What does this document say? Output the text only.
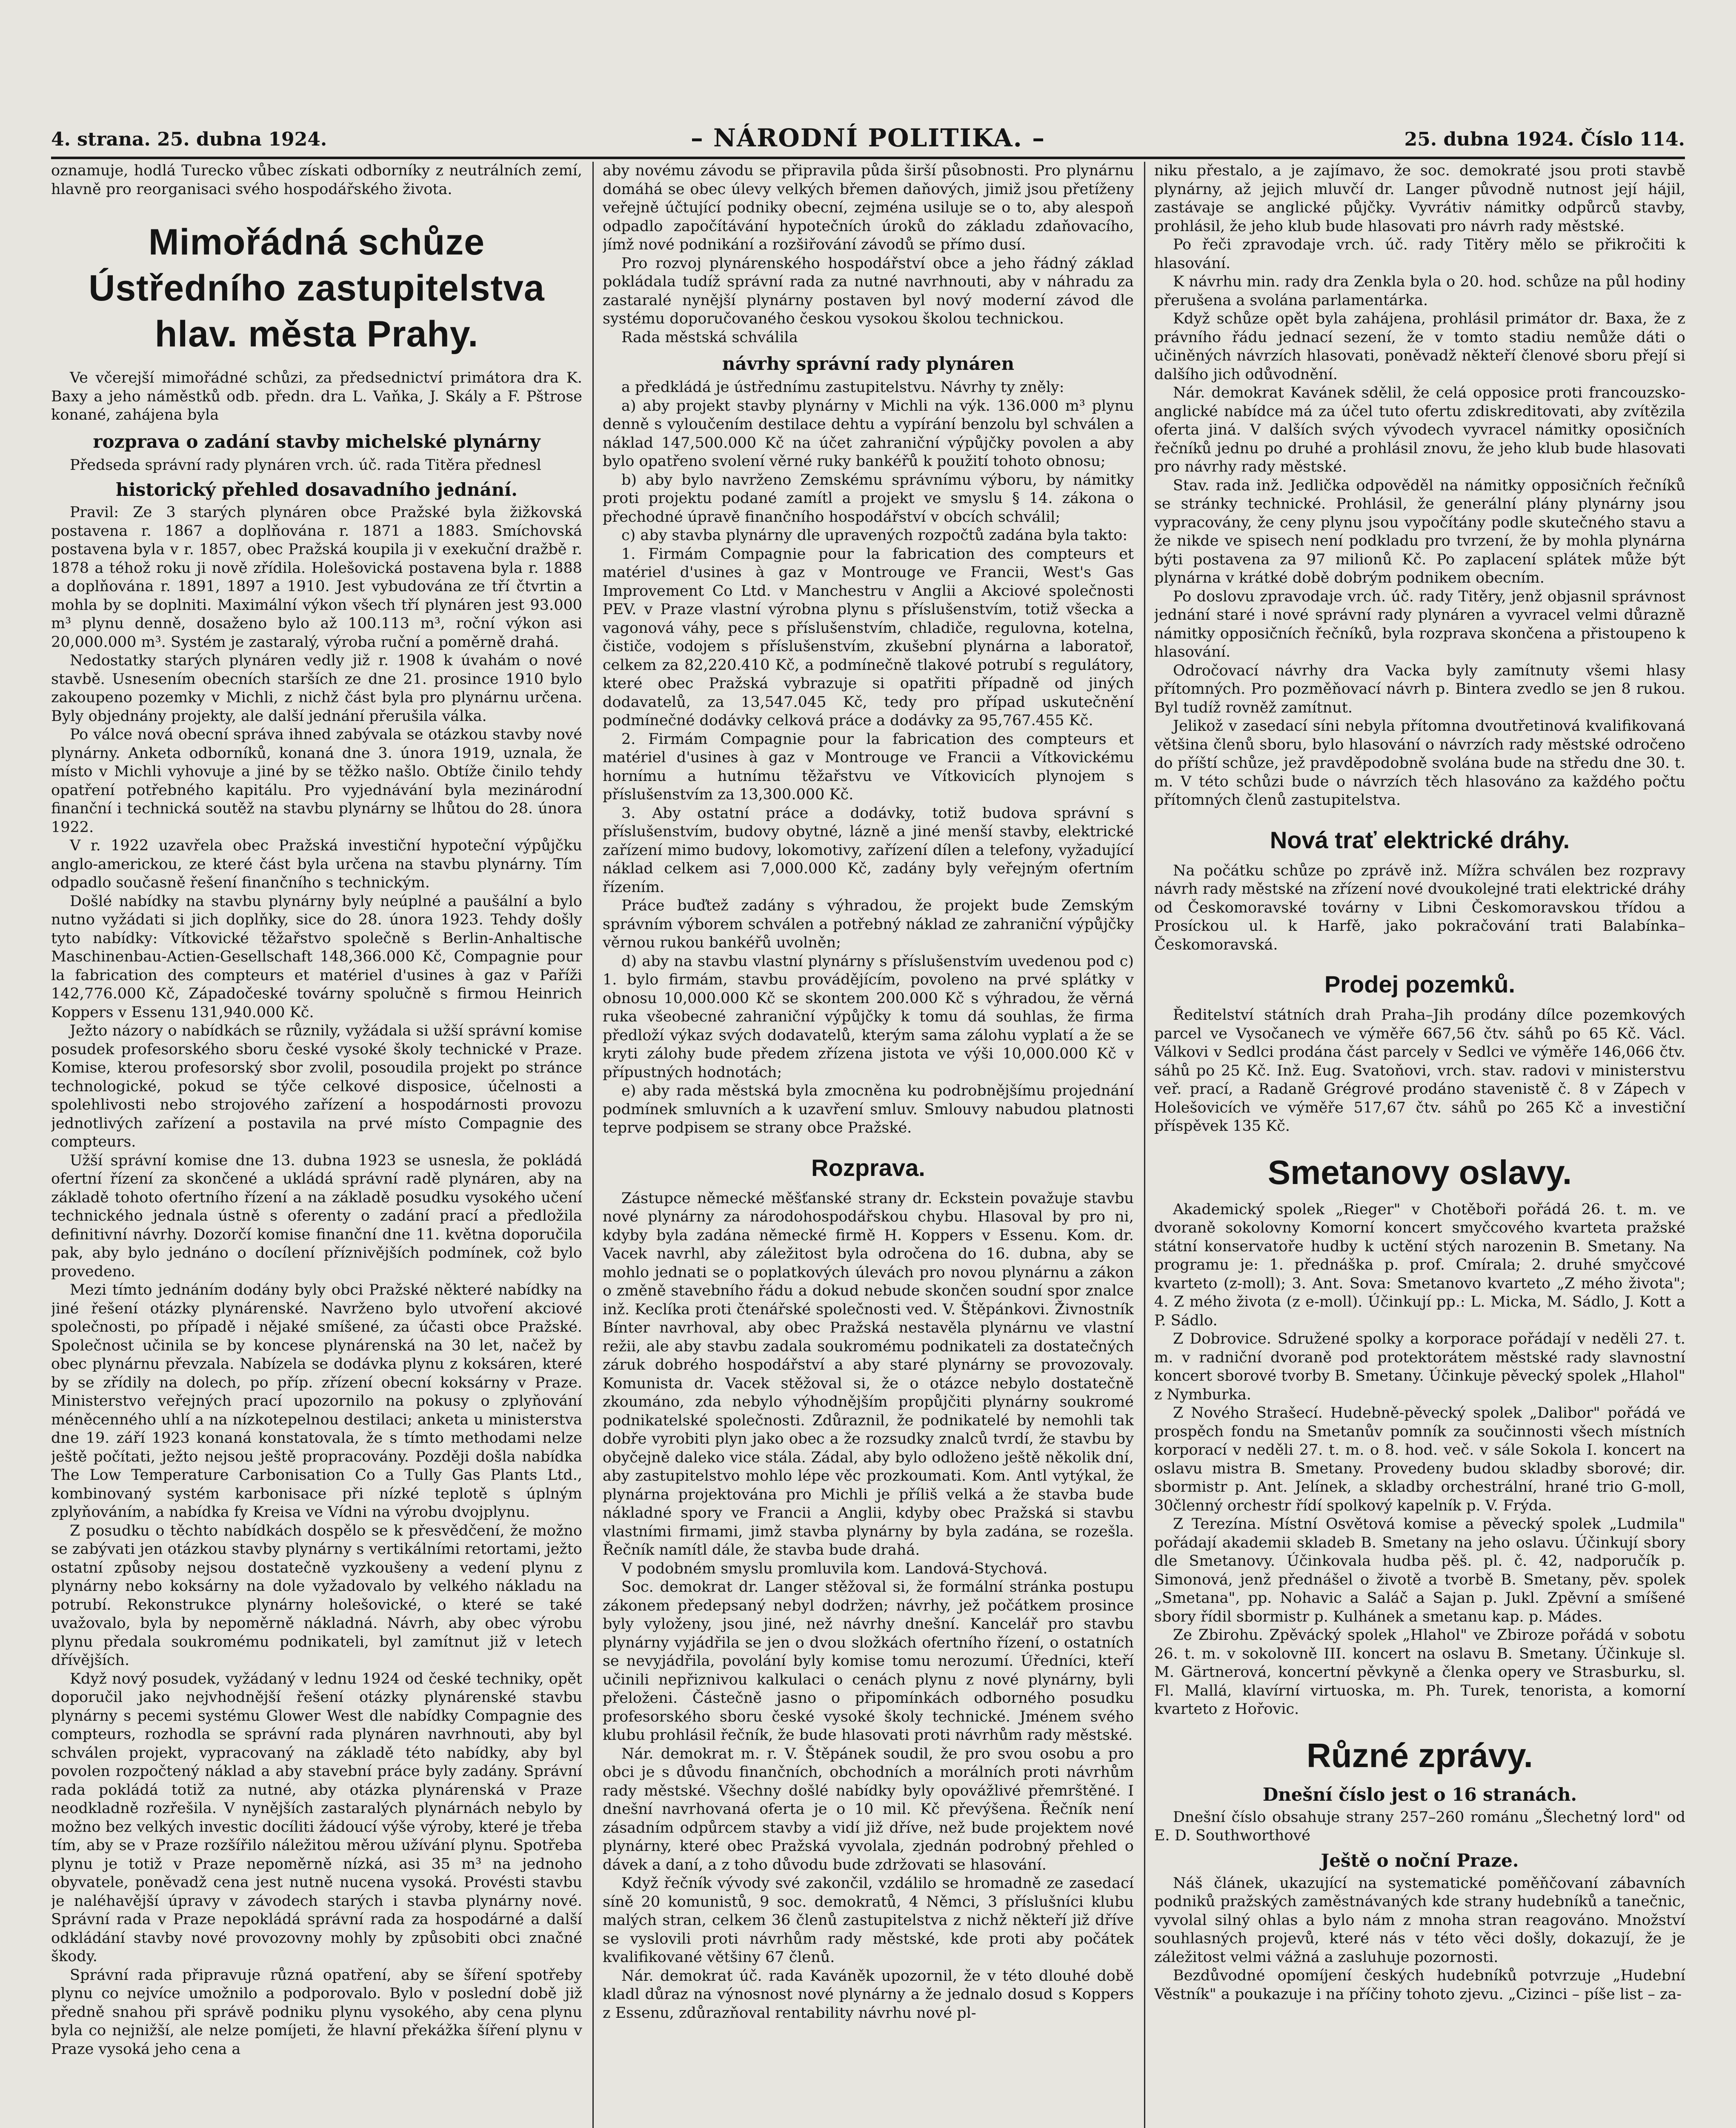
4. strana. 25. dubna 1924.	– NÁRODNÍ POLITIKA. –	25. dubna 1924. Číslo 114.

oznamuje, hodlá Turecko vůbec získati odborníky z neutrálních zemí, hlavně pro reorganisaci svého hospodářského života.

Mimořádná schůze Ústředního zastupitelstva hlav. města Prahy.

Ve včerejší mimořádné schůzi, za předsednictví primátora dra K. Baxy a jeho náměstků odb. předn. dra L. Vaňka, J. Skály a F. Pštrose konané, zahájena byla

rozprava o zadání stavby michelské plynárny

Předseda správní rady plynáren vrch. úč. rada Titěra přednesl

historický přehled dosavadního jednání.

Pravil: Ze 3 starých plynáren obce Pražské byla žižkovská postavena r. 1867 a doplňována r. 1871 a 1883. Smíchovská postavena byla v r. 1857, obec Pražská koupila ji v exekuční dražbě r. 1878 a téhož roku ji nově zřídila. Holešovická postavena byla r. 1888 a doplňována r. 1891, 1897 a 1910. Jest vybudována ze tří čtvrtin a mohla by se doplniti. Maximální výkon všech tří plynáren jest 93.000 m³ plynu denně, dosaženo bylo až 100.113 m³, roční výkon asi 20,000.000 m³. Systém je zastaralý, výroba ruční a poměrně drahá.

Nedostatky starých plynáren vedly již r. 1908 k úvahám o nové stavbě. Usnesením obecních starších ze dne 21. prosince 1910 bylo zakoupeno pozemky v Michli, z nichž část byla pro plynárnu určena. Byly objednány projekty, ale další jednání přerušila válka.

Po válce nová obecní správa ihned zabývala se otázkou stavby nové plynárny. Anketa odborníků, konaná dne 3. února 1919, uznala, že místo v Michli vyhovuje a jiné by se těžko našlo. Obtíže činilo tehdy opatření potřebného kapitálu. Pro vyjednávání byla mezinárodní finanční i technická soutěž na stavbu plynárny se lhůtou do 28. února 1922.

V r. 1922 uzavřela obec Pražská investiční hypoteční výpůjčku anglo-americkou, ze které část byla určena na stavbu plynárny. Tím odpadlo současně řešení finančního s technickým.

Došlé nabídky na stavbu plynárny byly neúplné a paušální a bylo nutno vyžádati si jich doplňky, sice do 28. února 1923. Tehdy došly tyto nabídky: Vítkovické těžařstvo společně s Berlin-Anhaltische Maschinenbau-Actien-Gesellschaft 148,366.000 Kč, Compagnie pour la fabrication des compteurs et matériel d'usines à gaz v Paříži 142,776.000 Kč, Západočeské továrny spolučně s firmou Heinrich Koppers v Essenu 131,940.000 Kč.

Ježto názory o nabídkách se různily, vyžádala si užší správní komise posudek profesorského sboru české vysoké školy technické v Praze. Komise, kterou profesorský sbor zvolil, posoudila projekt po stránce technologické, pokud se týče celkové disposice, účelnosti a spolehlivosti nebo strojového zařízení a hospodárnosti provozu jednotlivých zařízení a postavila na prvé místo Compagnie des compteurs.

Užší správní komise dne 13. dubna 1923 se usnesla, že pokládá ofertní řízení za skončené a ukládá správní radě plynáren, aby na základě tohoto ofertního řízení a na základě posudku vysokého učení technického jednala ústně s oferenty o zadání prací a předložila definitivní návrhy. Dozorčí komise finanční dne 11. května doporučila pak, aby bylo jednáno o docílení příznivějších podmínek, což bylo provedeno.

Mezi tímto jednáním dodány byly obci Pražské některé nabídky na jiné řešení otázky plynárenské. Navrženo bylo utvoření akciové společnosti, po případě i nějaké smíšené, za účasti obce Pražské. Společnost učinila se by koncese plynárenská na 30 let, načež by obec plynárnu převzala. Nabízela se dodávka plynu z koksáren, které by se zřídily na dolech, po příp. zřízení obecní koksárny v Praze. Ministerstvo veřejných prací upozornilo na pokusy o zplyňování méněcenného uhlí a na nízkotepelnou destilaci; anketa u ministerstva dne 19. září 1923 konaná konstatovala, že s tímto methodami nelze ještě počítati, ježto nejsou ještě propracovány. Později došla nabídka The Low Temperature Carbonisation Co a Tully Gas Plants Ltd., kombinovaný systém karbonisace při nízké teplotě s úplným zplyňováním, a nabídka fy Kreisa ve Vídni na výrobu dvojplynu.

Z posudku o těchto nabídkách dospělo se k přesvědčení, že možno se zabývati jen otázkou stavby plynárny s vertikálními retortami, ježto ostatní způsoby nejsou dostatečně vyzkoušeny a vedení plynu z plynárny nebo koksárny na dole vyžadovalo by velkého nákladu na potrubí. Rekonstrukce plynárny holešovické, o které se také uvažovalo, byla by nepoměrně nákladná. Návrh, aby obec výrobu plynu předala soukromému podnikateli, byl zamítnut již v letech dřívějších.

Když nový posudek, vyžádaný v lednu 1924 od české techniky, opět doporučil jako nejvhodnější řešení otázky plynárenské stavbu plynárny s pecemi systému Glower West dle nabídky Compagnie des compteurs, rozhodla se správní rada plynáren navrhnouti, aby byl schválen projekt, vypracovaný na základě této nabídky, aby byl povolen rozpočtený náklad a aby stavební práce byly zadány. Správní rada pokládá totiž za nutné, aby otázka plynárenská v Praze neodkladně rozřešila. V nynějších zastaralých plynárnách nebylo by možno bez velkých investic docíliti žádoucí výše výroby, které je třeba tím, aby se v Praze rozšířilo náležitou měrou užívání plynu. Spotřeba plynu je totiž v Praze nepoměrně nízká, asi 35 m³ na jednoho obyvatele, poněvadž cena jest nutně nucena vysoká. Provésti stavbu je naléhavější úpravy v závodech starých i stavba plynárny nové. Správní rada v Praze nepokládá správní rada za hospodárné a další odkládání stavby nové provozovny mohly by způsobiti obci značné škody.

Správní rada připravuje různá opatření, aby se šíření spotřeby plynu co nejvíce umožnilo a podporovalo. Bylo v poslední době již předně snahou při správě podniku plynu vysokého, aby cena plynu byla co nejnižší, ale nelze pomíjeti, že hlavní překážka šíření plynu v Praze vysoká jeho cena a

aby novému závodu se připravila půda širší působnosti. Pro plynárnu domáhá se obec úlevy velkých břemen daňových, jimiž jsou přetíženy veřejně účtující podniky obecní, zejména usiluje se o to, aby alespoň odpadlo započítávání hypotečních úroků do základu zdaňovacího, jímž nové podnikání a rozšiřování závodů se přímo dusí.

Pro rozvoj plynárenského hospodářství obce a jeho řádný základ pokládala tudíž správní rada za nutné navrhnouti, aby v náhradu za zastaralé nynější plynárny postaven byl nový moderní závod dle systému doporučovaného českou vysokou školou technickou.

Rada městská schválila

návrhy správní rady plynáren

a předkládá je ústřednímu zastupitelstvu. Návrhy ty zněly:

a) aby projekt stavby plynárny v Michli na výk. 136.000 m³ plynu denně s vyloučením destilace dehtu a vypírání benzolu byl schválen a náklad 147,500.000 Kč na účet zahraniční výpůjčky povolen a aby bylo opatřeno svolení věrné ruky bankéřů k použití tohoto obnosu;

b) aby bylo navrženo Zemskému správnímu výboru, by námitky proti projektu podané zamítl a projekt ve smyslu § 14. zákona o přechodné úpravě finančního hospodářství v obcích schválil;

c) aby stavba plynárny dle upravených rozpočtů zadána byla takto:

1. Firmám Compagnie pour la fabrication des compteurs et matériel d'usines à gaz v Montrouge ve Francii, West's Gas Improvement Co Ltd. v Manchestru v Anglii a Akciové společnosti PEV. v Praze vlastní výrobna plynu s příslušenstvím, totiž všecka a vagonová váhy, pece s příslušenstvím, chladiče, regulovna, kotelna, čističe, vodojem s příslušenstvím, zkušební plynárna a laboratoř, celkem za 82,220.410 Kč, a podmínečně tlakové potrubí s regulátory, které obec Pražská vybrazuje si opatřiti případně od jiných dodavatelů, za 13,547.045 Kč, tedy pro případ uskutečnění podmínečné dodávky celková práce a dodávky za 95,767.455 Kč.

2. Firmám Compagnie pour la fabrication des compteurs et matériel d'usines à gaz v Montrouge ve Francii a Vítkovickému hornímu a hutnímu těžařstvu ve Vítkovicích plynojem s příslušenstvím za 13,300.000 Kč.

3. Aby ostatní práce a dodávky, totiž budova správní s příslušenstvím, budovy obytné, lázně a jiné menší stavby, elektrické zařízení mimo budovy, lokomotivy, zařízení dílen a telefony, vyžadující náklad celkem asi 7,000.000 Kč, zadány byly veřejným ofertním řízením.

Práce buďtež zadány s výhradou, že projekt bude Zemským správním výborem schválen a potřebný náklad ze zahraniční výpůjčky věrnou rukou bankéřů uvolněn;

d) aby na stavbu vlastní plynárny s příslušenstvím uvedenou pod c) 1. bylo firmám, stavbu provádějícím, povoleno na prvé splátky v obnosu 10,000.000 Kč se skontem 200.000 Kč s výhradou, že věrná ruka všeobecné zahraniční výpůjčky k tomu dá souhlas, že firma předloží výkaz svých dodavatelů, kterým sama zálohu vyplatí a že se kryti zálohy bude předem zřízena jistota ve výši 10,000.000 Kč v přípustných hodnotách;

e) aby rada městská byla zmocněna ku podrobnějšímu projednání podmínek smluvních a k uzavření smluv. Smlouvy nabudou platnosti teprve podpisem se strany obce Pražské.

Rozprava.

Zástupce německé měšťanské strany dr. Eckstein považuje stavbu nové plynárny za národohospodářskou chybu. Hlasoval by pro ni, kdyby byla zadána německé firmě H. Koppers v Essenu. Kom. dr. Vacek navrhl, aby záležitost byla odročena do 16. dubna, aby se mohlo jednati se o poplatkových úlevách pro novou plynárnu a zákon o změně stavebního řádu a dokud nebude skončen soudní spor znalce inž. Keclíka proti čtenářské společnosti ved. V. Štěpánkovi. Živnostník Bínter navrhoval, aby obec Pražská nestavěla plynárnu ve vlastní režii, ale aby stavbu zadala soukromému podnikateli za dostatečných záruk dobrého hospodářství a aby staré plynárny se provozovaly. Komunista dr. Vacek stěžoval si, že o otázce nebylo dostatečně zkoumáno, zda nebylo výhodnějším propůjčiti plynárny soukromé podnikatelské společnosti. Zdůraznil, že podnikatelé by nemohli tak dobře vyrobiti plyn jako obec a že rozsudky znalců tvrdí, že stavbu by obyčejně daleko vice stála. Zádal, aby bylo odloženo ještě několik dní, aby zastupitelstvo mohlo lépe věc prozkoumati. Kom. Antl vytýkal, že plynárna projektována pro Michli je příliš velká a že stavba bude nákladné spory ve Francii a Anglii, kdyby obec Pražská si stavbu vlastními firmami, jimž stavba plynárny by byla zadána, se rozešla. Řečník namítl dále, že stavba bude drahá.

V podobném smyslu promluvila kom. Landová-Stychová.

Soc. demokrat dr. Langer stěžoval si, že formální stránka postupu zákonem předepsaný nebyl dodržen; návrhy, jež počátkem prosince byly vyloženy, jsou jiné, než návrhy dnešní. Kancelář pro stavbu plynárny vyjádřila se jen o dvou složkách ofertního řízení, o ostatních se nevyjádřila, povolání byly komise tomu nerozumí. Úředníci, kteří učinili nepřiznivou kalkulaci o cenách plynu z nové plynárny, byli přeloženi. Částečně jasno o připomínkách odborného posudku profesorského sboru české vysoké školy technické. Jménem svého klubu prohlásil řečník, že bude hlasovati proti návrhům rady městské.

Nár. demokrat m. r. V. Štěpánek soudil, že pro svou osobu a pro obci je s důvodu finančních, obchodních a morálních proti návrhům rady městské. Všechny došlé nabídky byly opovážlivé přemrštěné. I dnešní navrhovaná oferta je o 10 mil. Kč převýšena. Řečník není zásadním odpůrcem stavby a vidí již dříve, než bude projektem nové plynárny, které obec Pražská vyvolala, zjednán podrobný přehled o dávek a daní, a z toho důvodu bude zdržovati se hlasování.

Když řečník vývody své zakončil, vzdálilo se hromadně ze zasedací síně 20 komunistů, 9 soc. demokratů, 4 Němci, 3 příslušníci klubu malých stran, celkem 36 členů zastupitelstva z nichž někteří již dříve se vyslovili proti návrhům rady městské, kde proti aby počátek kvalifikované většiny 67 členů.

Nár. demokrat úč. rada Kaváněk upozornil, že v této dlouhé době kladl důraz na výnosnost nové plynárny a že jednalo dosud s Koppers z Essenu, zdůrazňoval rentability návrhu nové pl-

niku přestalo, a je zajímavo, že soc. demokraté jsou proti stavbě plynárny, až jejich mluvčí dr. Langer původně nutnost její hájil, zastávaje se anglické půjčky. Vyvrátiv námitky odpůrců stavby, prohlásil, že jeho klub bude hlasovati pro návrh rady městské.

Po řeči zpravodaje vrch. úč. rady Titěry mělo se přikročiti k hlasování.

K návrhu min. rady dra Zenkla byla o 20. hod. schůze na půl hodiny přerušena a svolána parlamentárka.

Když schůze opět byla zahájena, prohlásil primátor dr. Baxa, že z právního řádu jednací sezení, že v tomto stadiu nemůže dáti o učiněných návrzích hlasovati, poněvadž někteří členové sboru přejí si dalšího jich odůvodnění.

Nár. demokrat Kavánek sdělil, že celá opposice proti francouzsko-anglické nabídce má za účel tuto ofertu zdiskreditovati, aby zvítězila oferta jiná. V dalších svých vývodech vyvracel námitky oposičních řečníků jednu po druhé a prohlásil znovu, že jeho klub bude hlasovati pro návrhy rady městské.

Stav. rada inž. Jedlička odpověděl na námitky opposičních řečníků se stránky technické. Prohlásil, že generální plány plynárny jsou vypracovány, že ceny plynu jsou vypočítány podle skutečného stavu a že nikde ve spisech není podkladu pro tvrzení, že by mohla plynárna býti postavena za 97 milionů Kč. Po zaplacení splátek může být plynárna v krátké době dobrým podnikem obecním.

Po doslovu zpravodaje vrch. úč. rady Titěry, jenž objasnil správnost jednání staré i nové správní rady plynáren a vyvracel velmi důrazně námitky opposičních řečníků, byla rozprava skončena a přistoupeno k hlasování.

Odročovací návrhy dra Vacka byly zamítnuty všemi hlasy přítomných. Pro pozměňovací návrh p. Bintera zvedlo se jen 8 rukou. Byl tudíž rovněž zamítnut.

Jelikož v zasedací síni nebyla přítomna dvoutřetinová kvalifikovaná většina členů sboru, bylo hlasování o návrzích rady městské odročeno do příští schůze, jež pravděpodobně svolána bude na středu dne 30. t. m. V této schůzi bude o návrzích těch hlasováno za každého počtu přítomných členů zastupitelstva.

Nová trať elektrické dráhy.

Na počátku schůze po zprávě inž. Mížra schválen bez rozpravy návrh rady městské na zřízení nové dvoukolejné trati elektrické dráhy od Českomoravské továrny v Libni Českomoravskou třídou a Prosíckou ul. k Harfě, jako pokračování trati Balabínka–Českomoravská.

Prodej pozemků.

Ředitelství státních drah Praha–Jih prodány dílce pozemkových parcel ve Vysočanech ve výměře 667,56 čtv. sáhů po 65 Kč. Václ. Válkovi v Sedlci prodána část parcely v Sedlci ve výměře 146,066 čtv. sáhů po 25 Kč. Inž. Eug. Svatoňovi, vrch. stav. radovi v ministerstvu veř. prací, a Radaně Grégrové prodáno stavenistě č. 8 v Zápech v Holešovicích ve výměře 517,67 čtv. sáhů po 265 Kč a investiční příspěvek 135 Kč.

Smetanovy oslavy.

Akademický spolek „Rieger" v Chotěboři pořádá 26. t. m. ve dvoraně sokolovny Komorní koncert smyčcového kvarteta pražské státní konservatoře hudby k uctění stých narozenin B. Smetany. Na programu je: 1. přednáška p. prof. Cmírala; 2. druhé smyčcové kvarteto (z-moll); 3. Ant. Sova: Smetanovo kvarteto „Z mého života"; 4. Z mého života (z e-moll). Účinkují pp.: L. Micka, M. Sádlo, J. Kott a P. Sádlo.

Z Dobrovice. Sdružené spolky a korporace pořádají v neděli 27. t. m. v radniční dvoraně pod protektorátem městské rady slavnostní koncert sborové tvorby B. Smetany. Účinkuje pěvecký spolek „Hlahol" z Nymburka.

Z Nového Strašecí. Hudebně-pěvecký spolek „Dalibor" pořádá ve prospěch fondu na Smetanův pomník za součinnosti všech místních korporací v neděli 27. t. m. o 8. hod. več. v sále Sokola I. koncert na oslavu mistra B. Smetany. Provedeny budou skladby sborové; dir. sbormistr p. Ant. Jelínek, a skladby orchestrální, hrané trio G-moll, 30členný orchestr řídí spolkový kapelník p. V. Frýda.

Z Terezína. Místní Osvětová komise a pěvecký spolek „Ludmila" pořádají akademii skladeb B. Smetany na jeho oslavu. Účinkují sbory dle Smetanovy. Účinkovala hudba pěš. pl. č. 42, nadporučík p. Simonová, jenž přednášel o životě a tvorbě B. Smetany, pěv. spolek „Smetana", pp. Nohavic a Saláč a Sajan p. Jukl. Zpěvní a smíšené sbory řídil sbormistr p. Kulhánek a smetanu kap. p. Mádes.

Ze Zbirohu. Zpěvácký spolek „Hlahol" ve Zbiroze pořádá v sobotu 26. t. m. v sokolovně III. koncert na oslavu B. Smetany. Účinkuje sl. M. Gärtnerová, koncertní pěvkyně a členka opery ve Strasburku, sl. Fl. Mallá, klavírní virtuoska, m. Ph. Turek, tenorista, a komorní kvarteto z Hořovic.

Různé zprávy.
Dnešní číslo jest o 16 stranách.

Dnešní číslo obsahuje strany 257–260 románu „Šlechetný lord" od E. D. Southworthové

Ještě o noční Praze.

Náš článek, ukazující na systematické poměňčovaní zábavních podniků pražských zaměstnávaných kde strany hudebníků a tanečnic, vyvolal silný ohlas a bylo nám z mnoha stran reagováno. Množství souhlasných projevů, které nás v této věci došly, dokazují, že je záležitost velmi vážná a zasluhuje pozornosti.

Bezdůvodné opomíjení českých hudebníků potvrzuje „Hudební Věstník" a poukazuje i na příčiny tohoto zjevu. „Cizinci – píše list – za-
